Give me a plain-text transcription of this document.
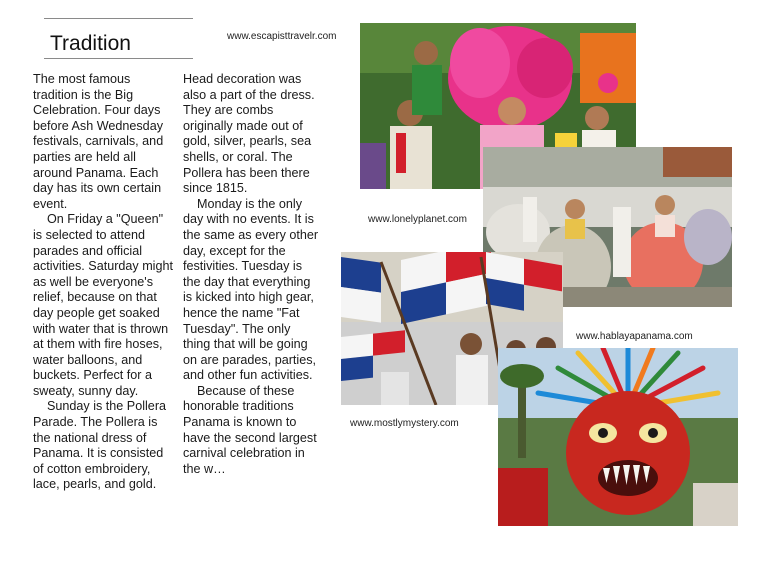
Tradition

The most famous tradition is the Big Celebration. Four days before Ash Wednesday festivals, carnivals, and parties are held all around Panama. Each day has its own certain event.

On Friday a "Queen" is selected to attend parades and official activities. Saturday might as well be everyone's relief, because on that day people get soaked with water that is thrown at them with fire hoses, water balloons, and buckets. Perfect for a sweaty, sunny day.

Sunday is the Pollera Parade. The Pollera is the national dress of Panama. It is consisted of cotton embroidery, lace, pearls, and gold.

Head decoration was also a part of the dress. They are combs originally made out of gold, silver, pearls, sea shells, or coral. The Pollera has been there since 1815.

Monday is the only day with no events. It is the same as every other day, except for the festivities. Tuesday is the day that everything is kicked into high gear, hence the name "Fat Tuesday". The only thing that will be going on are parades, parties, and other fun activities.

Because of these honorable traditions Panama is known to have the second largest carnival celebration in the w…

www.escapisttravelr.com
www.lonelyplanet.com
www.hablayapanama.com
www.mostlymystery.com
